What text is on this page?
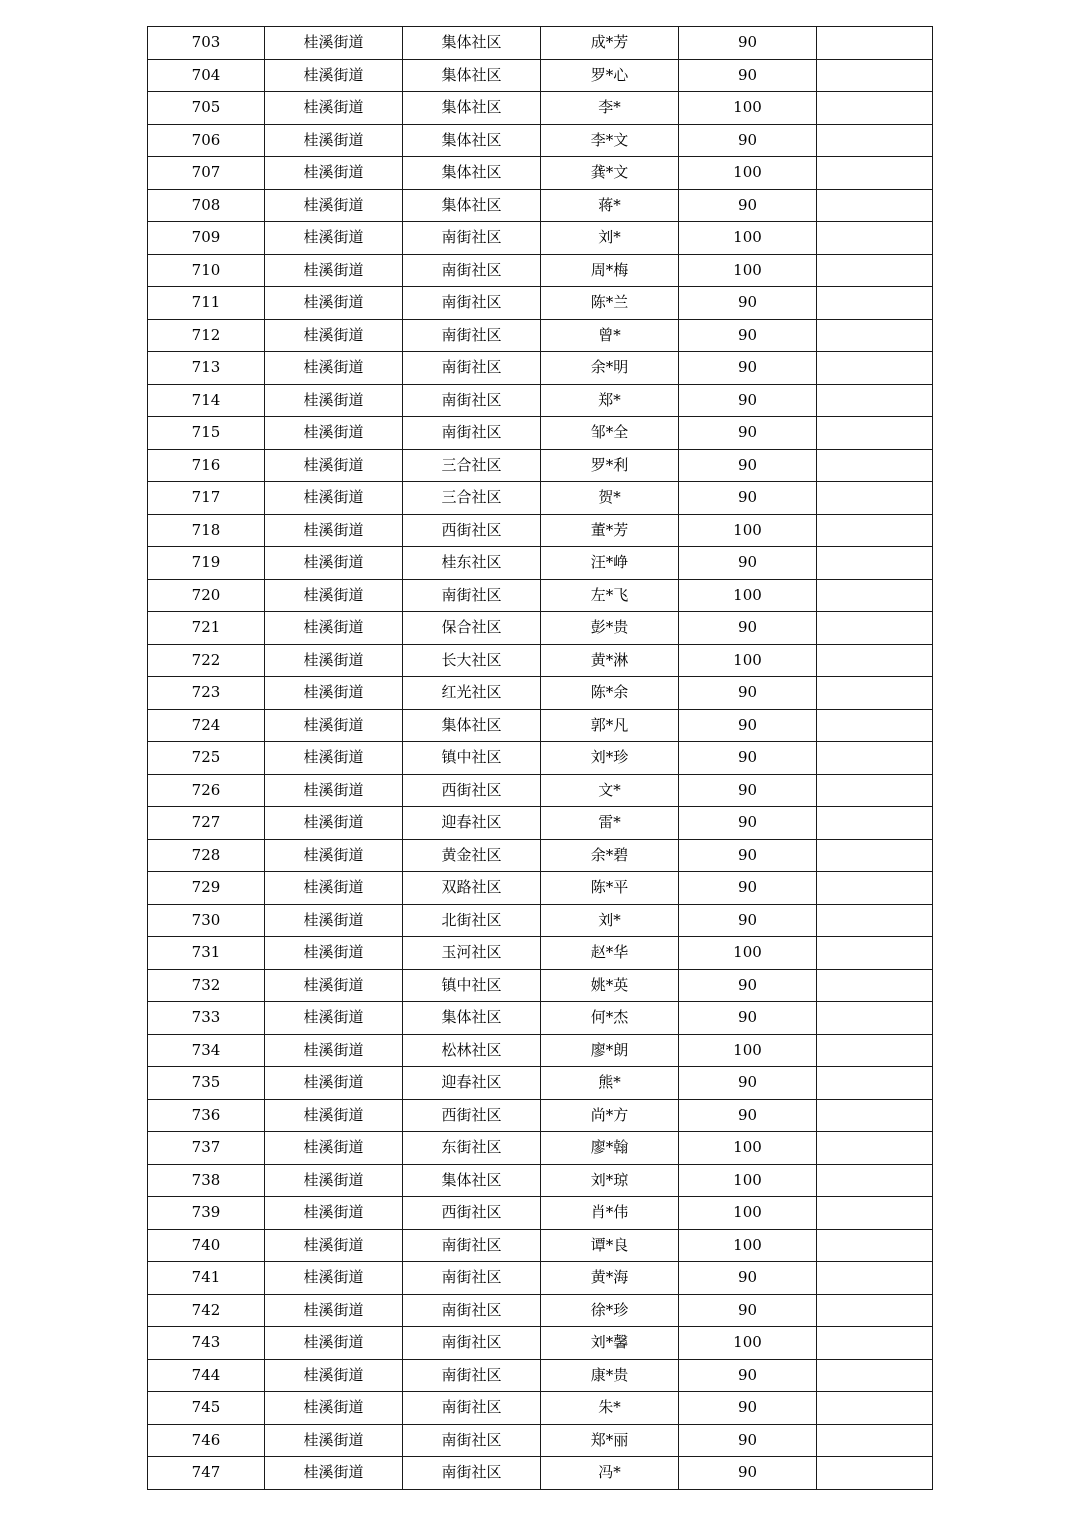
703	桂溪街道	集体社区	成*芳	90	
704	桂溪街道	集体社区	罗*心	90	
705	桂溪街道	集体社区	李*	100	
706	桂溪街道	集体社区	李*文	90	
707	桂溪街道	集体社区	龚*文	100	
708	桂溪街道	集体社区	蒋*	90	
709	桂溪街道	南街社区	刘*	100	
710	桂溪街道	南街社区	周*梅	100	
711	桂溪街道	南街社区	陈*兰	90	
712	桂溪街道	南街社区	曾*	90	
713	桂溪街道	南街社区	余*明	90	
714	桂溪街道	南街社区	郑*	90	
715	桂溪街道	南街社区	邹*全	90	
716	桂溪街道	三合社区	罗*利	90	
717	桂溪街道	三合社区	贺*	90	
718	桂溪街道	西街社区	董*芳	100	
719	桂溪街道	桂东社区	汪*峥	90	
720	桂溪街道	南街社区	左*飞	100	
721	桂溪街道	保合社区	彭*贵	90	
722	桂溪街道	长大社区	黄*淋	100	
723	桂溪街道	红光社区	陈*余	90	
724	桂溪街道	集体社区	郭*凡	90	
725	桂溪街道	镇中社区	刘*珍	90	
726	桂溪街道	西街社区	文*	90	
727	桂溪街道	迎春社区	雷*	90	
728	桂溪街道	黄金社区	余*碧	90	
729	桂溪街道	双路社区	陈*平	90	
730	桂溪街道	北街社区	刘*	90	
731	桂溪街道	玉河社区	赵*华	100	
732	桂溪街道	镇中社区	姚*英	90	
733	桂溪街道	集体社区	何*杰	90	
734	桂溪街道	松林社区	廖*朗	100	
735	桂溪街道	迎春社区	熊*	90	
736	桂溪街道	西街社区	尚*方	90	
737	桂溪街道	东街社区	廖*翰	100	
738	桂溪街道	集体社区	刘*琼	100	
739	桂溪街道	西街社区	肖*伟	100	
740	桂溪街道	南街社区	谭*良	100	
741	桂溪街道	南街社区	黄*海	90	
742	桂溪街道	南街社区	徐*珍	90	
743	桂溪街道	南街社区	刘*馨	100	
744	桂溪街道	南街社区	康*贵	90	
745	桂溪街道	南街社区	朱*	90	
746	桂溪街道	南街社区	郑*丽	90	
747	桂溪街道	南街社区	冯*	90	
